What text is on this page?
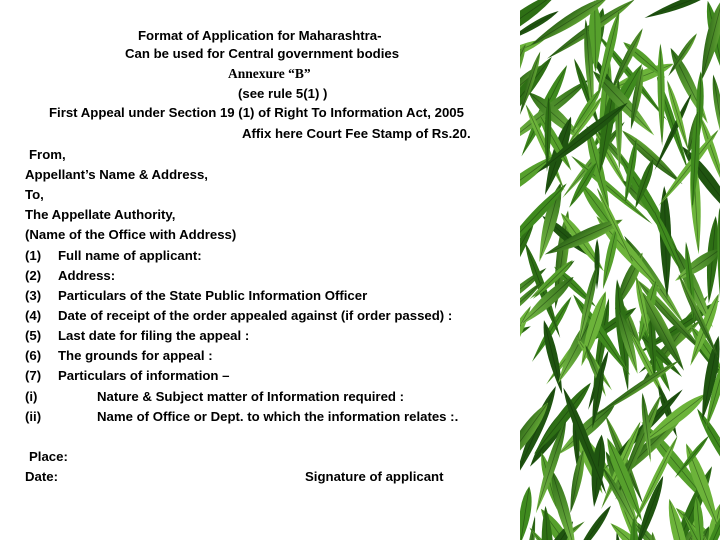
Format of Application for Maharashtra-
Can be used for Central government bodies
Annexure “B”
(see rule 5(1) )
First Appeal under Section 19 (1) of Right To Information Act, 2005
Affix here Court Fee Stamp of Rs.20.
From,
Appellant’s Name & Address,
To,
The Appellate Authority,
(Name of the Office with Address)
(1) Full name of applicant:
(2) Address:
(3) Particulars of the State Public Information Officer
(4) Date of receipt of the order appealed against (if order passed) :
(5) Last date for filing the appeal :
(6) The grounds for appeal :
(7) Particulars of information –
(i)	Nature & Subject matter of Information required :
(ii)	Name of Office or Dept. to which the information relates :.
Place:
Date:	Signature of applicant
